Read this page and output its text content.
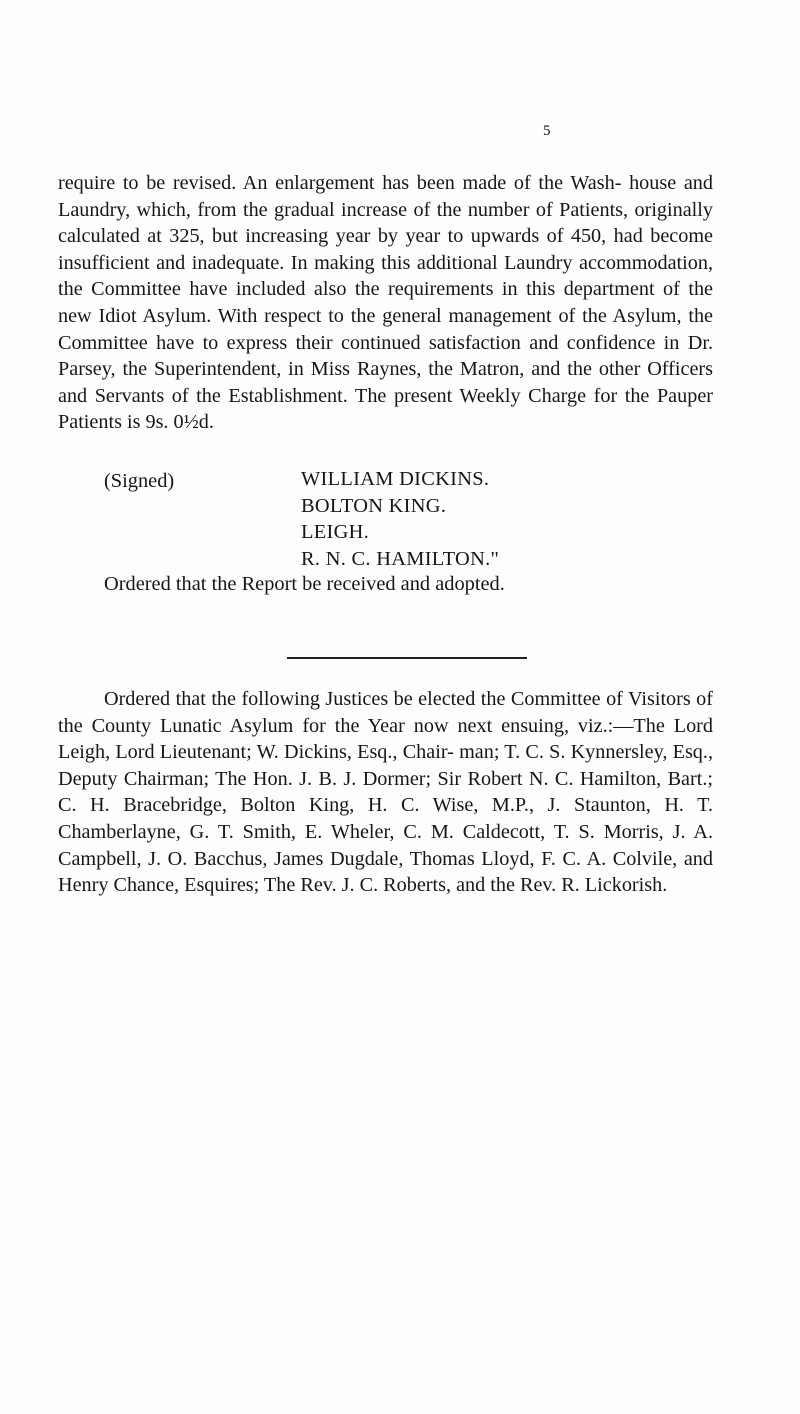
5
require to be revised. An enlargement has been made of the Wash- house and Laundry, which, from the gradual increase of the number of Patients, originally calculated at 325, but increasing year by year to upwards of 450, had become insufficient and inadequate. In making this additional Laundry accommodation, the Committee have included also the requirements in this department of the new Idiot Asylum. With respect to the general management of the Asylum, the Committee have to express their continued satisfaction and confidence in Dr. Parsey, the Superintendent, in Miss Raynes, the Matron, and the other Officers and Servants of the Establishment. The present Weekly Charge for the Pauper Patients is 9s. 0½d.
(Signed)	WILLIAM DICKINS.
BOLTON KING.
LEIGH.
R. N. C. HAMILTON."
Ordered that the Report be received and adopted.
Ordered that the following Justices be elected the Committee of Visitors of the County Lunatic Asylum for the Year now next ensuing, viz.:—The Lord Leigh, Lord Lieutenant; W. Dickins, Esq., Chair- man; T. C. S. Kynnersley, Esq., Deputy Chairman; The Hon. J. B. J. Dormer; Sir Robert N. C. Hamilton, Bart.; C. H. Bracebridge, Bolton King, H. C. Wise, M.P., J. Staunton, H. T. Chamberlayne, G. T. Smith, E. Wheler, C. M. Caldecott, T. S. Morris, J. A. Campbell, J. O. Bacchus, James Dugdale, Thomas Lloyd, F. C. A. Colvile, and Henry Chance, Esquires; The Rev. J. C. Roberts, and the Rev. R. Lickorish.
